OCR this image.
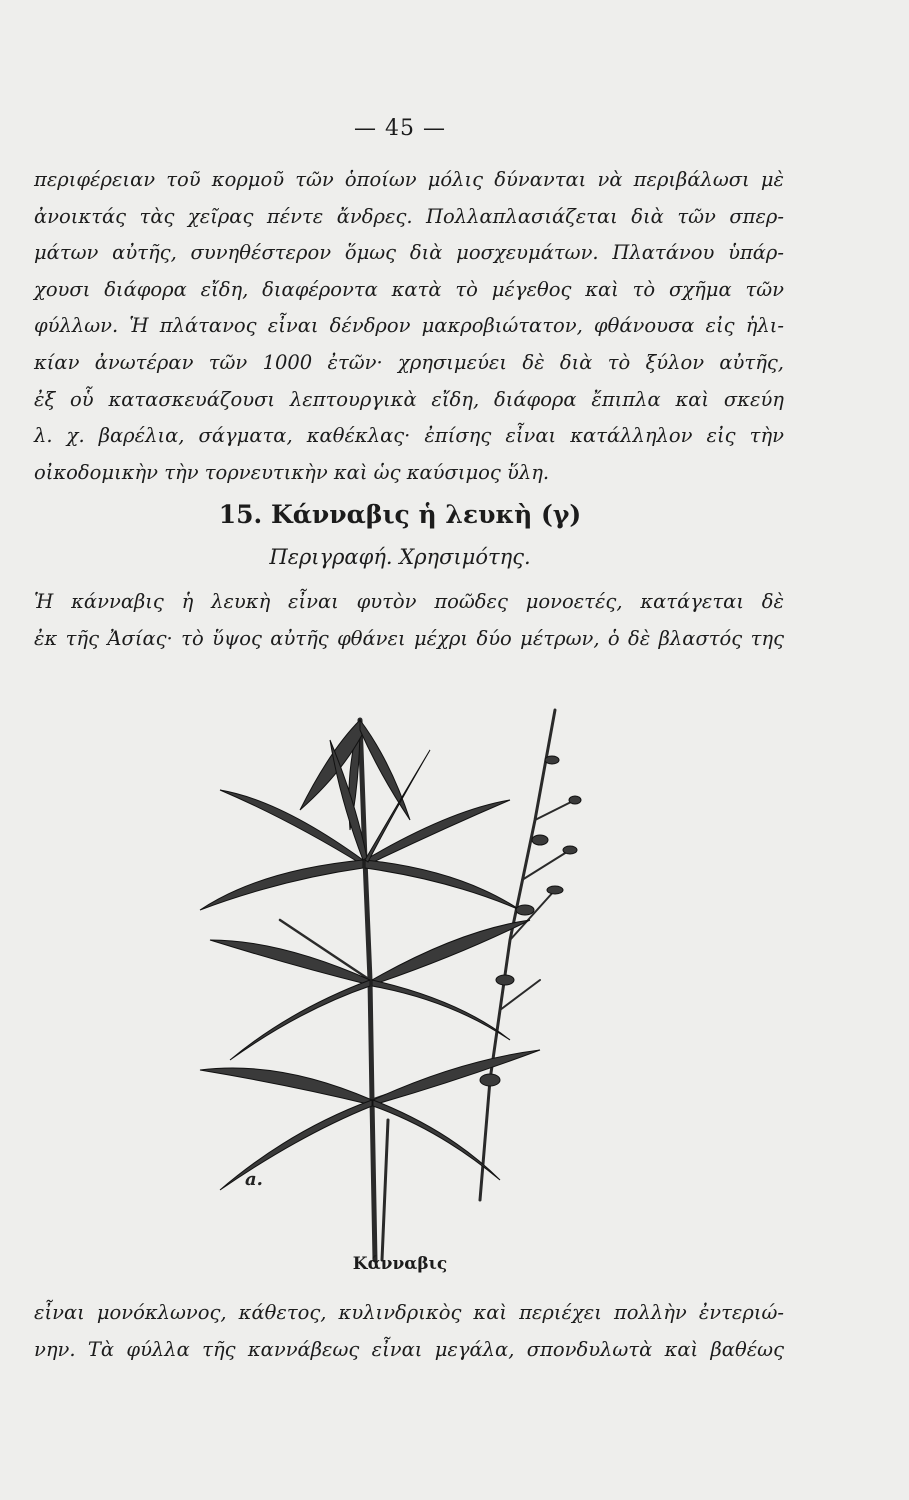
— 45 —
περιφέρειαν τοῦ κορμοῦ τῶν ὁποίων μόλις δύνανται νὰ περιβάλωσι μὲ
ἀνοικτάς τὰς χεῖρας πέντε ἄνδρες. Πολλαπλασιάζεται διὰ τῶν σπερ-
μάτων αὐτῆς, συνηθέστερον ὅμως διὰ μοσχευμάτων. Πλατάνου ὑπάρ-
χουσι διάφορα εἴδη, διαφέροντα κατὰ τὸ μέγεθος καὶ τὸ σχῆμα τῶν
φύλλων. Ἡ πλάτανος εἶναι δένδρον μακροβιώτατον, φθάνουσα εἰς ἡλι-
κίαν ἀνωτέραν τῶν 1000 ἐτῶν· χρησιμεύει δὲ διὰ τὸ ξύλον αὐτῆς,
ἐξ οὗ κατασκευάζουσι λεπτουργικὰ εἴδη, διάφορα ἔπιπλα καὶ σκεύη
λ. χ. βαρέλια, σάγματα, καθέκλας· ἐπίσης εἶναι κατάλληλον εἰς τὴν
οἰκοδομικὴν τὴν τορνευτικὴν καὶ ὡς καύσιμος ὕλη.
15. Κάνναβις ἡ λευκὴ (γ)
Περιγραφή. Χρησιμότης.
Ἡ κάνναβις ἡ λευκὴ εἶναι φυτὸν ποῶδες μονοετές, κατάγεται δὲ
ἐκ τῆς Ἀσίας· τὸ ὕψος αὐτῆς φθάνει μέχρι δύο μέτρων, ὁ δὲ βλαστός της
a.
Κάνναβις
εἶναι μονόκλωνος, κάθετος, κυλινδρικὸς καὶ περιέχει πολλὴν ἐντεριώ-
νην. Τὰ φύλλα τῆς καννάβεως εἶναι μεγάλα, σπονδυλωτὰ καὶ βαθέως
